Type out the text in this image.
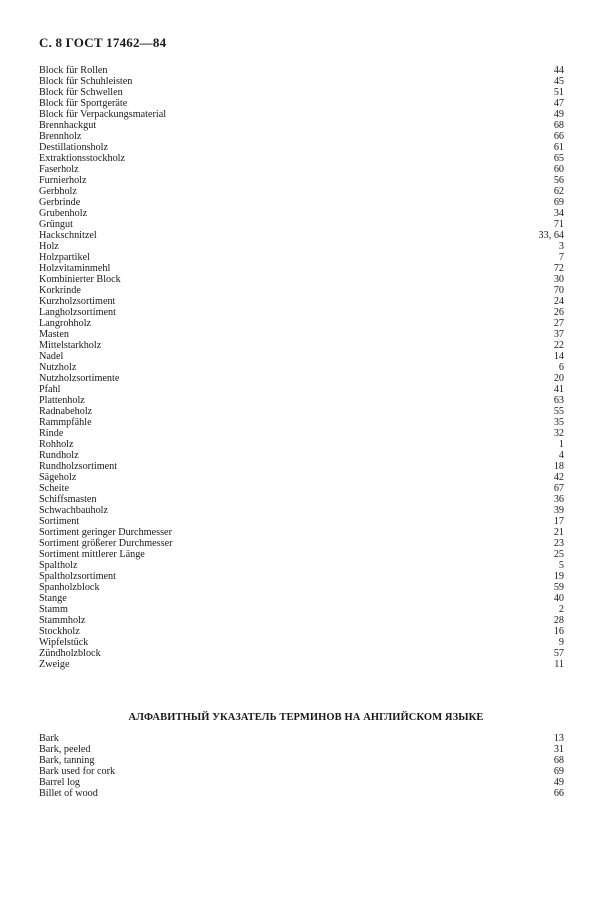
С. 8 ГОСТ 17462—84
Block für Rollen	44
Block für Schuhleisten	45
Block für Schwellen	51
Block für Sportgeräte	47
Block für Verpackungsmaterial	49
Brennhackgut	68
Brennholz	66
Destillationsholz	61
Extraktionsstockholz	65
Faserholz	60
Furnierholz	56
Gerbholz	62
Gerbrinde	69
Grubenholz	34
Grüngut	71
Hackschnitzel	33, 64
Holz	3
Holzpartikel	7
Holzvitaminmehl	72
Kombinierter Block	30
Korkrinde	70
Kurzholzsortiment	24
Langholzsortiment	26
Langrohholz	27
Masten	37
Mittelstarkholz	22
Nadel	14
Nutzholz	6
Nutzholzsortimente	20
Pfahl	41
Plattenholz	63
Radnabeholz	55
Rammpfähle	35
Rinde	32
Rohholz	1
Rundholz	4
Rundholzsortiment	18
Sägeholz	42
Scheite	67
Schiffsmasten	36
Schwachbauholz	39
Sortiment	17
Sortiment geringer Durchmesser	21
Sortiment größerer Durchmesser	23
Sortiment mittlerer Länge	25
Spaltholz	5
Spaltholzsortiment	19
Spanholzblock	59
Stange	40
Stamm	2
Stammholz	28
Stockholz	16
Wipfelstück	9
Zündholzblock	57
Zweige	11
АЛФАВИТНЫЙ УКАЗАТЕЛЬ ТЕРМИНОВ НА АНГЛИЙСКОМ ЯЗЫКЕ
Bark	13
Bark, peeled	31
Bark, tanning	68
Bark used for cork	69
Barrel log	49
Billet of wood	66
